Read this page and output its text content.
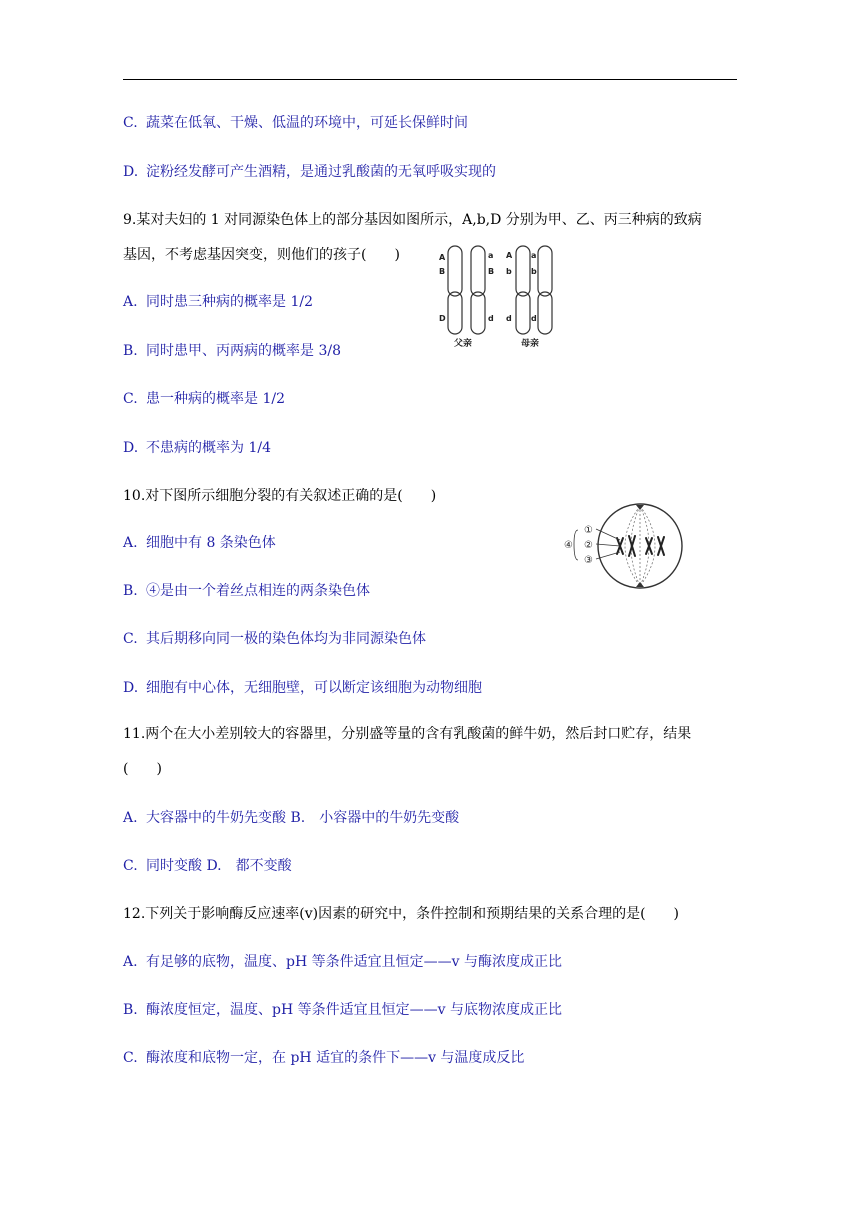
C. 蔬菜在低氧、干燥、低温的环境中，可延长保鲜时间
D. 淀粉经发酵可产生酒精，是通过乳酸菌的无氧呼吸实现的
9.某对夫妇的 1 对同源染色体上的部分基因如图所示，A,b,D 分别为甲、乙、丙三种病的致病
基因，不考虑基因突变，则他们的孩子(　　)
A. 同时患三种病的概率是 1/2
B. 同时患甲、丙两病的概率是 3/8
C. 患一种病的概率是 1/2
D. 不患病的概率为 1/4
10.对下图所示细胞分裂的有关叙述正确的是(　　)
A. 细胞中有 8 条染色体
B. ④是由一个着丝点相连的两条染色体
C. 其后期移向同一极的染色体均为非同源染色体
D. 细胞有中心体，无细胞壁，可以断定该细胞为动物细胞
11.两个在大小差别较大的容器里，分别盛等量的含有乳酸菌的鲜牛奶，然后封口贮存，结果
(　　)
A. 大容器中的牛奶先变酸 B.　小容器中的牛奶先变酸
C. 同时变酸 D.　都不变酸
12.下列关于影响酶反应速率(v)因素的研究中，条件控制和预期结果的关系合理的是(　　)
A. 有足够的底物，温度、pH 等条件适宜且恒定——v 与酶浓度成正比
B. 酶浓度恒定，温度、pH 等条件适宜且恒定——v 与底物浓度成正比
C. 酶浓度和底物一定，在 pH 适宜的条件下——v 与温度成反比
A
B
D
a
B
d
A
b
d
a
b
d
父亲	母亲
①
②
③
④
